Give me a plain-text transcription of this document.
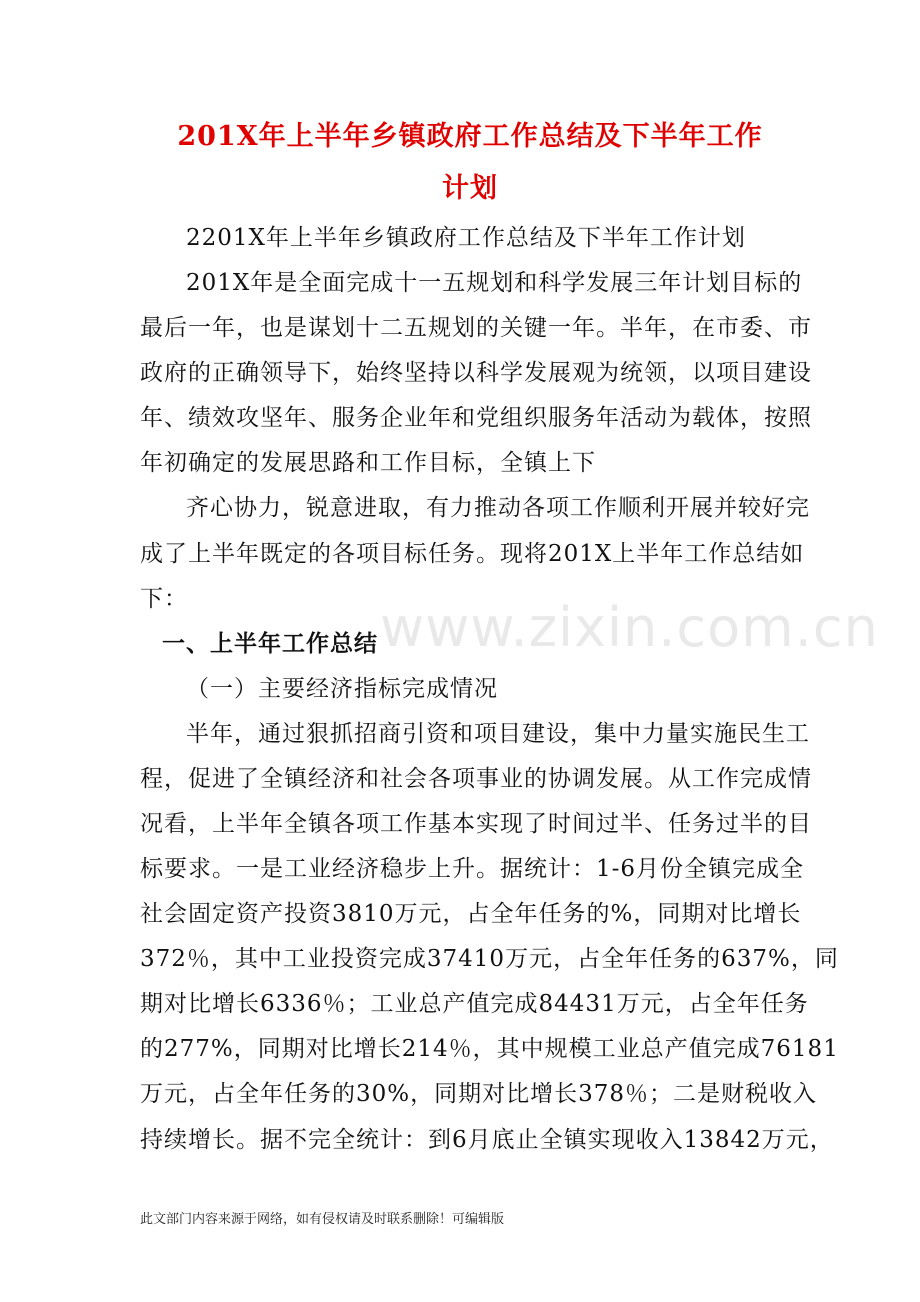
201X年上半年乡镇政府工作总结及下半年工作
计划
2201X年上半年乡镇政府工作总结及下半年工作计划
201X年是全面完成十一五规划和科学发展三年计划目标的
最后一年，也是谋划十二五规划的关键一年。半年，在市委、市
政府的正确领导下，始终坚持以科学发展观为统领，以项目建设
年、绩效攻坚年、服务企业年和党组织服务年活动为载体，按照
年初确定的发展思路和工作目标，全镇上下
齐心协力，锐意进取，有力推动各项工作顺利开展并较好完
成了上半年既定的各项目标任务。现将201X上半年工作总结如
下：
一、上半年工作总结
（一）主要经济指标完成情况
半年，通过狠抓招商引资和项目建设，集中力量实施民生工
程，促进了全镇经济和社会各项事业的协调发展。从工作完成情
况看，上半年全镇各项工作基本实现了时间过半、任务过半的目
标要求。一是工业经济稳步上升。据统计：1-6月份全镇完成全
社会固定资产投资3810万元，占全年任务的%，同期对比增长
372％，其中工业投资完成37410万元，占全年任务的637%，同
期对比增长6336％；工业总产值完成84431万元，占全年任务
的277%，同期对比增长214％，其中规模工业总产值完成76181
万元，占全年任务的30%，同期对比增长378％；二是财税收入
持续增长。据不完全统计：到6月底止全镇实现收入13842万元，
www.zixin.com.cn
此文部门内容来源于网络，如有侵权请及时联系删除！可编辑版
